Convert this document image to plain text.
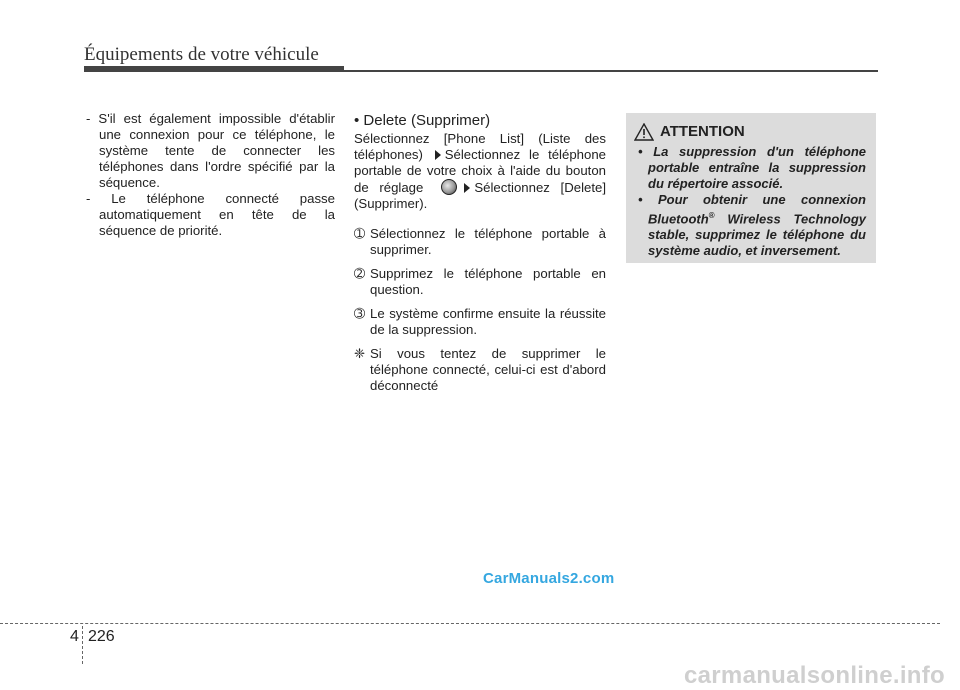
Équipements de votre véhicule

- S'il est également impossible d'établir une connexion pour ce téléphone, le système tente de connecter les téléphones dans l'ordre spécifié par la séquence.

- Le téléphone connecté passe automatiquement en tête de la séquence de priorité.

• Delete (Supprimer)

Sélectionnez [Phone List] (Liste des téléphones) Sélectionnez le téléphone portable de votre choix à l'aide du bouton de réglage	Sélectionnez [Delete] (Supprimer).

➀ Sélectionnez le téléphone portable à supprimer.

➁ Supprimez le téléphone portable en question.

➂ Le système confirme ensuite la réussite de la suppression.

❈ Si vous tentez de supprimer le téléphone connecté, celui-ci est d'abord déconnecté

ATTENTION

• La suppression d'un téléphone portable entraîne la suppression du répertoire associé.

• Pour obtenir une connexion Bluetooth® Wireless Technology stable, supprimez le téléphone du système audio, et inversement.

4 226
CarManuals2.com
carmanualsonline.info
